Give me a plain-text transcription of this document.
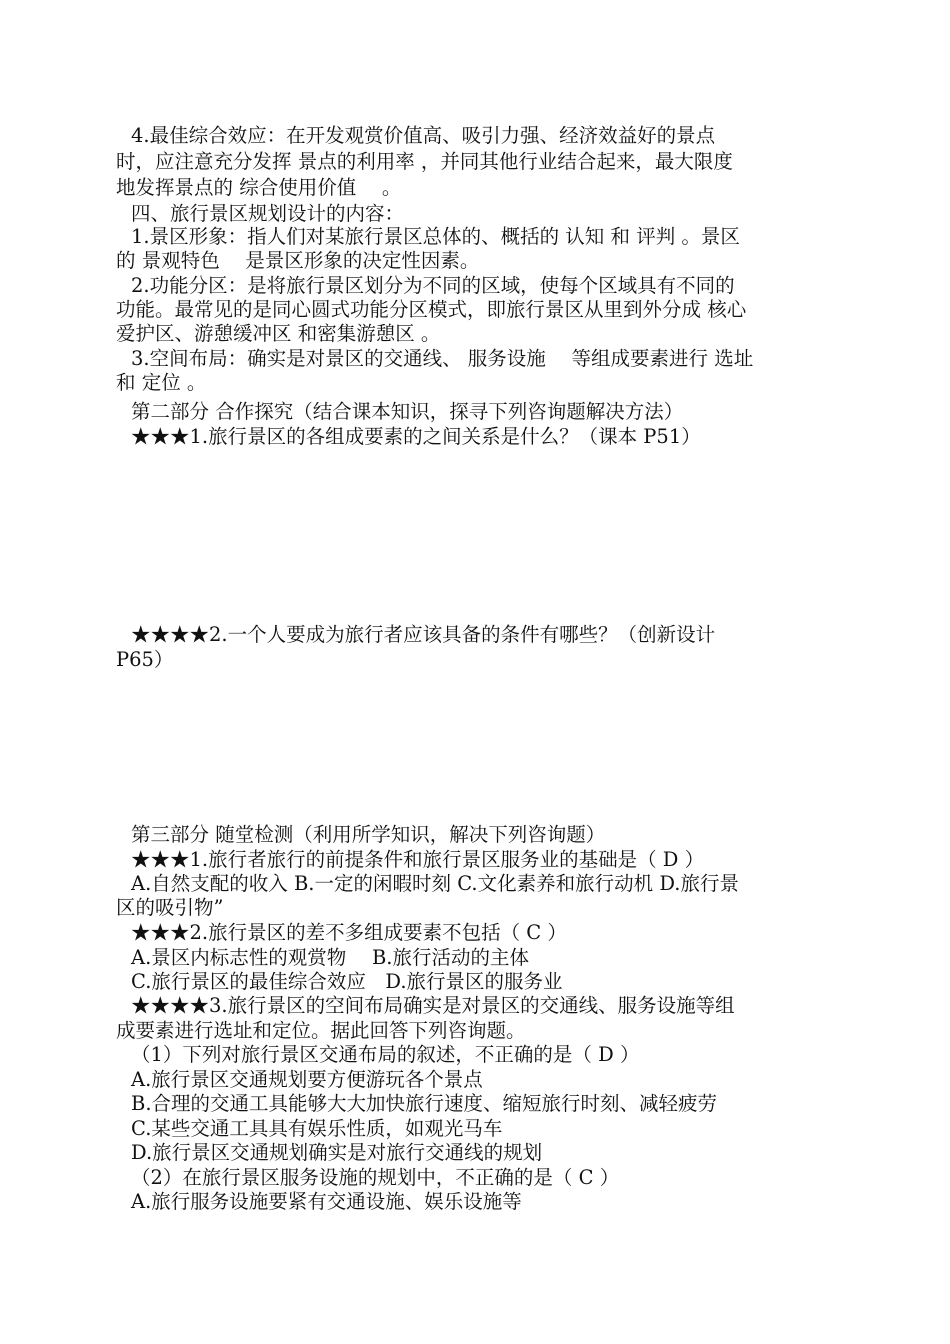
4.最佳综合效应：在开发观赏价值高、吸引力强、经济效益好的景点
时，应注意充分发挥 景点的利用率 ，并同其他行业结合起来，最大限度
地发挥景点的 综合使用价值　 。
四、旅行景区规划设计的内容：
1.景区形象：指人们对某旅行景区总体的、概括的 认知 和 评判 。景区
的 景观特色　 是景区形象的决定性因素。
2.功能分区：是将旅行景区划分为不同的区域，使每个区域具有不同的
功能。最常见的是同心圆式功能分区模式，即旅行景区从里到外分成 核心
爱护区、游憩缓冲区 和密集游憩区 。
3.空间布局：确实是对景区的交通线、 服务设施　 等组成要素进行 选址
和 定位 。
第二部分 合作探究（结合课本知识，探寻下列咨询题解决方法）
★★★1.旅行景区的各组成要素的之间关系是什么？（课本 P51）
★★★★2.一个人要成为旅行者应该具备的条件有哪些？（创新设计
P65）
第三部分 随堂检测（利用所学知识，解决下列咨询题）
★★★1.旅行者旅行的前提条件和旅行景区服务业的基础是（ D ）
A.自然支配的收入 B.一定的闲暇时刻 C.文化素养和旅行动机 D.旅行景
区的吸引物”
★★★2.旅行景区的差不多组成要素不包括（ C ）
A.景区内标志性的观赏物　 B.旅行活动的主体
C.旅行景区的最佳综合效应　D.旅行景区的服务业
★★★★3.旅行景区的空间布局确实是对景区的交通线、服务设施等组
成要素进行选址和定位。据此回答下列咨询题。
（1）下列对旅行景区交通布局的叙述，不正确的是（ D ）
A.旅行景区交通规划要方便游玩各个景点
B.合理的交通工具能够大大加快旅行速度、缩短旅行时刻、减轻疲劳
C.某些交通工具具有娱乐性质，如观光马车
D.旅行景区交通规划确实是对旅行交通线的规划
（2）在旅行景区服务设施的规划中，不正确的是（ C ）
A.旅行服务设施要紧有交通设施、娱乐设施等
